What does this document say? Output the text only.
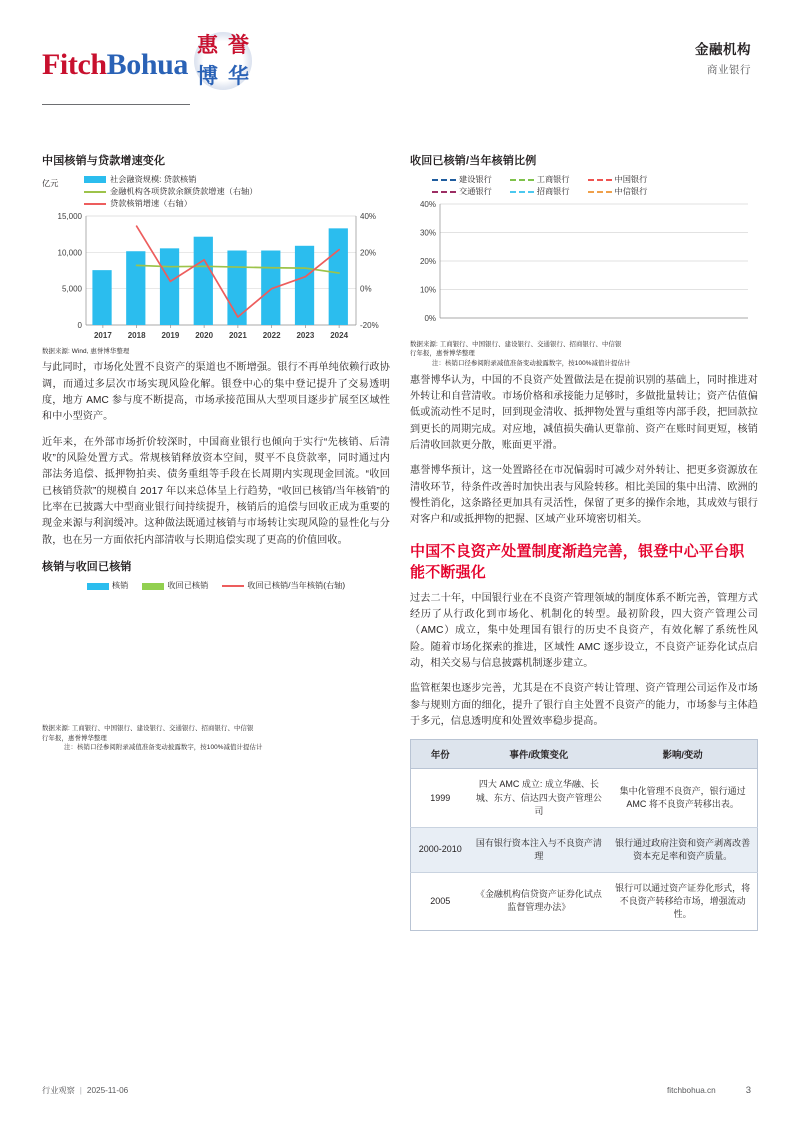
FitchBohua
惠 誉
博 华
金融机构
商业银行
中国核销与贷款增速变化
亿元	社会融资规模: 贷款核销
金融机构各项贷款余额贷款增速（右轴）
贷款核销增速（右轴）
0
5,000
10,000
15,000
-20%
0%
20%
40%
2017 2018 2019 2020 2021 2022 2023 2024
数据来源: Wind, 惠誉博华整理

与此同时，市场化处置不良资产的渠道也不断增强。银行不再单纯依赖行政协调，而通过多层次市场实现风险化解。银登中心的集中登记提升了交易透明度，地方 AMC 参与度不断提高，市场承接范围从大型项目逐步扩展至区域性和中小型资产。

近年来，在外部市场折价较深时，中国商业银行也倾向于实行“先核销、后清收”的风险处置方式。常规核销释放资本空间，熨平不良贷款率，同时通过内部法务追偿、抵押物拍卖、债务重组等手段在长周期内实现现金回流。“收回已核销贷款”的规模自 2017 年以来总体呈上行趋势，“收回已核销/当年核销”的比率在已披露大中型商业银行间持续提升，核销后的追偿与回收正成为重要的现金来源与利润缓冲。这种做法既通过核销与市场转让实现风险的显性化与分散，也在另一方面依托内部清收与长期追偿实现了更高的价值回收。

核销与收回已核销
核销	收回已核销	收回已核销/当年核销(右轴)
数据来源: 工商银行、中国银行、建设银行、交通银行、招商银行、中信银
行年报，惠誉博华整理
注：核销口径参阅附录减值准备变动披露数字，按100%减值计提估计
收回已核销/当年核销比例
建设银行	工商银行	中国银行
交通银行	招商银行	中信银行
0%
10%
20%
30%
40%
数据来源: 工商银行、中国银行、建设银行、交通银行、招商银行、中信银
行年报，惠誉博华整理
注：核销口径参阅附录减值准备变动披露数字，按100%减值计提估计

惠誉博华认为，中国的不良资产处置做法是在提前识别的基础上，同时推进对外转让和自营清收。市场价格和承接能力足够时，多做批量转让；资产估值偏低或流动性不足时，回到现金清收、抵押物处置与重组等内部手段，把回款拉到更长的周期完成。对应地，减值损失确认更靠前、资产在账时间更短，核销后清收回款更分散，账面更平滑。

惠誉博华预计，这一处置路径在市况偏弱时可减少对外转让、把更多资源放在清收环节，待条件改善时加快出表与风险转移。相比美国的集中出清、欧洲的慢性消化，这条路径更加具有灵活性，保留了更多的操作余地，其成效与银行对客户和/或抵押物的把握、区域产业环境密切相关。

中国不良资产处置制度渐趋完善，银登中心平台职能不断强化

过去二十年，中国银行业在不良资产管理领域的制度体系不断完善，管理方式经历了从行政化到市场化、机制化的转型。最初阶段，四大资产管理公司（AMC）成立，集中处理国有银行的历史不良资产，有效化解了系统性风险。随着市场化探索的推进，区域性 AMC 逐步设立，不良资产证券化试点启动，相关交易与信息披露机制逐步建立。

监管框架也逐步完善，尤其是在不良资产转让管理、资产管理公司运作及市场参与规则方面的细化，提升了银行自主处置不良资产的能力，市场参与主体趋于多元，信息透明度和处置效率稳步提高。

年份	事件/政策变化	影响/变动
1999	四大 AMC 成立: 成立华融、长城、东方、信达四大资产管理公司	集中化管理不良资产，银行通过 AMC 将不良资产转移出表。
2000-2010	国有银行资本注入与不良资产清理	银行通过政府注资和资产剥离改善资本充足率和资产质量。
2005	《金融机构信贷资产证券化试点监督管理办法》	银行可以通过资产证券化形式，将不良资产转移给市场，增强流动性。
行业观察 | 2025-11-06	fitchbohua.cn	3
